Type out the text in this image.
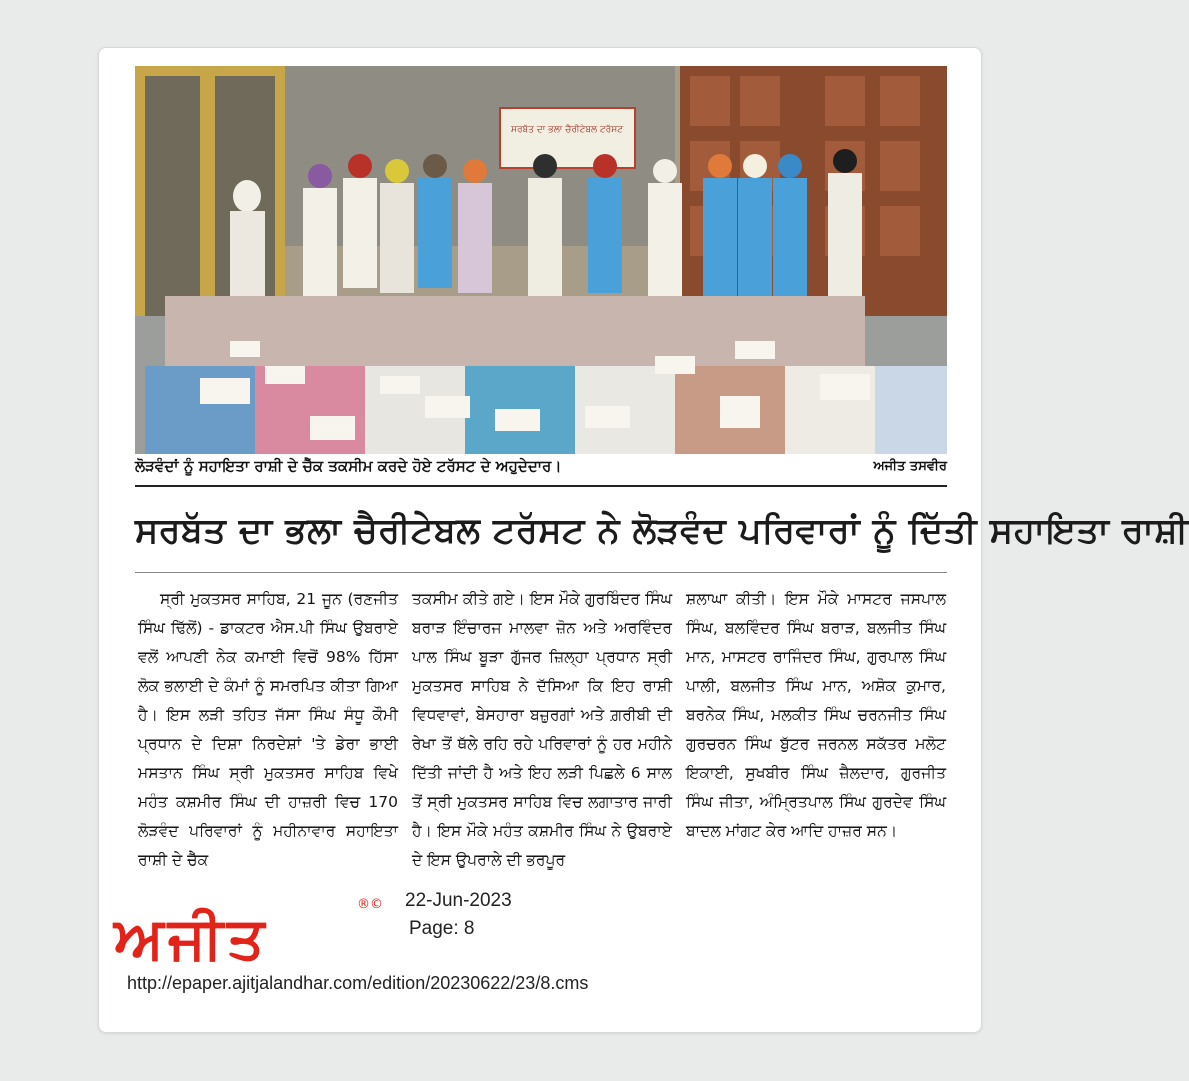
ਸਰਬੱਤ ਦਾ ਭਲਾ ਚੈਰੀਟੇਬਲ ਟਰੱਸਟ
ਲੋੜਵੰਦਾਂ ਨੂੰ ਸਹਾਇਤਾ ਰਾਸ਼ੀ ਦੇ ਚੈੱਕ ਤਕਸੀਮ ਕਰਦੇ ਹੋਏ ਟਰੱਸਟ ਦੇ ਅਹੁਦੇਦਾਰ।	ਅਜੀਤ ਤਸਵੀਰ
ਸਰਬੱਤ ਦਾ ਭਲਾ ਚੈਰੀਟੇਬਲ ਟਰੱਸਟ ਨੇ ਲੋੜਵੰਦ ਪਰਿਵਾਰਾਂ ਨੂੰ ਦਿੱਤੀ ਸਹਾਇਤਾ ਰਾਸ਼ੀ
ਸ੍ਰੀ ਮੁਕਤਸਰ ਸਾਹਿਬ, 21 ਜੂਨ (ਰਣਜੀਤ ਸਿੰਘ ਢਿੱਲੋਂ) - ਡਾਕਟਰ ਐਸ.ਪੀ ਸਿੰਘ ਉਬਰਾਏ ਵਲੋਂ ਆਪਣੀ ਨੇਕ ਕਮਾਈ ਵਿਚੋਂ 98% ਹਿੱਸਾ ਲੋਕ ਭਲਾਈ ਦੇ ਕੰਮਾਂ ਨੂੰ ਸਮਰਪਿਤ ਕੀਤਾ ਗਿਆ ਹੈ। ਇਸ ਲੜੀ ਤਹਿਤ ਜੱਸਾ ਸਿੰਘ ਸੰਧੂ ਕੌਮੀ ਪ੍ਰਧਾਨ ਦੇ ਦਿਸ਼ਾ ਨਿਰਦੇਸ਼ਾਂ 'ਤੇ ਡੇਰਾ ਭਾਈ ਮਸਤਾਨ ਸਿੰਘ ਸ੍ਰੀ ਮੁਕਤਸਰ ਸਾਹਿਬ ਵਿਖੇ ਮਹੰਤ ਕਸ਼ਮੀਰ ਸਿੰਘ ਦੀ ਹਾਜ਼ਰੀ ਵਿਚ 170 ਲੋੜਵੰਦ ਪਰਿਵਾਰਾਂ ਨੂੰ ਮਹੀਨਾਵਾਰ ਸਹਾਇਤਾ ਰਾਸ਼ੀ ਦੇ ਚੈੱਕ
ਤਕਸੀਮ ਕੀਤੇ ਗਏ। ਇਸ ਮੌਕੇ ਗੁਰਬਿੰਦਰ ਸਿੰਘ ਬਰਾੜ ਇੰਚਾਰਜ ਮਾਲਵਾ ਜ਼ੋਨ ਅਤੇ ਅਰਵਿੰਦਰ ਪਾਲ ਸਿੰਘ ਬੂੜਾ ਗੁੱਜਰ ਜ਼ਿਲ੍ਹਾ ਪ੍ਰਧਾਨ ਸ੍ਰੀ ਮੁਕਤਸਰ ਸਾਹਿਬ ਨੇ ਦੱਸਿਆ ਕਿ ਇਹ ਰਾਸ਼ੀ ਵਿਧਵਾਵਾਂ, ਬੇਸਹਾਰਾ ਬਜ਼ੁਰਗਾਂ ਅਤੇ ਗ਼ਰੀਬੀ ਦੀ ਰੇਖਾ ਤੋਂ ਥੱਲੇ ਰਹਿ ਰਹੇ ਪਰਿਵਾਰਾਂ ਨੂੰ ਹਰ ਮਹੀਨੇ ਦਿੱਤੀ ਜਾਂਦੀ ਹੈ ਅਤੇ ਇਹ ਲੜੀ ਪਿਛਲੇ 6 ਸਾਲ ਤੋਂ ਸ੍ਰੀ ਮੁਕਤਸਰ ਸਾਹਿਬ ਵਿਚ ਲਗਾਤਾਰ ਜਾਰੀ ਹੈ। ਇਸ ਮੌਕੇ ਮਹੰਤ ਕਸ਼ਮੀਰ ਸਿੰਘ ਨੇ ਉਬਰਾਏ ਦੇ ਇਸ ਉਪਰਾਲੇ ਦੀ ਭਰਪੂਰ
ਸ਼ਲਾਘਾ ਕੀਤੀ। ਇਸ ਮੌਕੇ ਮਾਸਟਰ ਜਸਪਾਲ ਸਿੰਘ, ਬਲਵਿੰਦਰ ਸਿੰਘ ਬਰਾੜ, ਬਲਜੀਤ ਸਿੰਘ ਮਾਨ, ਮਾਸਟਰ ਰਾਜਿੰਦਰ ਸਿੰਘ, ਗੁਰਪਾਲ ਸਿੰਘ ਪਾਲੀ, ਬਲਜੀਤ ਸਿੰਘ ਮਾਨ, ਅਸ਼ੋਕ ਕੁਮਾਰ, ਬਰਨੇਕ ਸਿੰਘ, ਮਲਕੀਤ ਸਿੰਘ ਚਰਨਜੀਤ ਸਿੰਘ ਗੁਰਚਰਨ ਸਿੰਘ ਬੁੱਟਰ ਜਰਨਲ ਸਕੱਤਰ ਮਲੋਟ ਇਕਾਈ, ਸੁਖਬੀਰ ਸਿੰਘ ਜ਼ੈਲਦਾਰ, ਗੁਰਜੀਤ ਸਿੰਘ ਜੀਤਾ, ਅੰਮ੍ਰਿਤਪਾਲ ਸਿੰਘ ਗੁਰਦੇਵ ਸਿੰਘ ਬਾਦਲ ਮਾਂਗਟ ਕੇਰ ਆਦਿ ਹਾਜ਼ਰ ਸਨ।
ਅਜੀਤ	®© 22-Jun-2023
Page: 8
http://epaper.ajitjalandhar.com/edition/20230622/23/8.cms
